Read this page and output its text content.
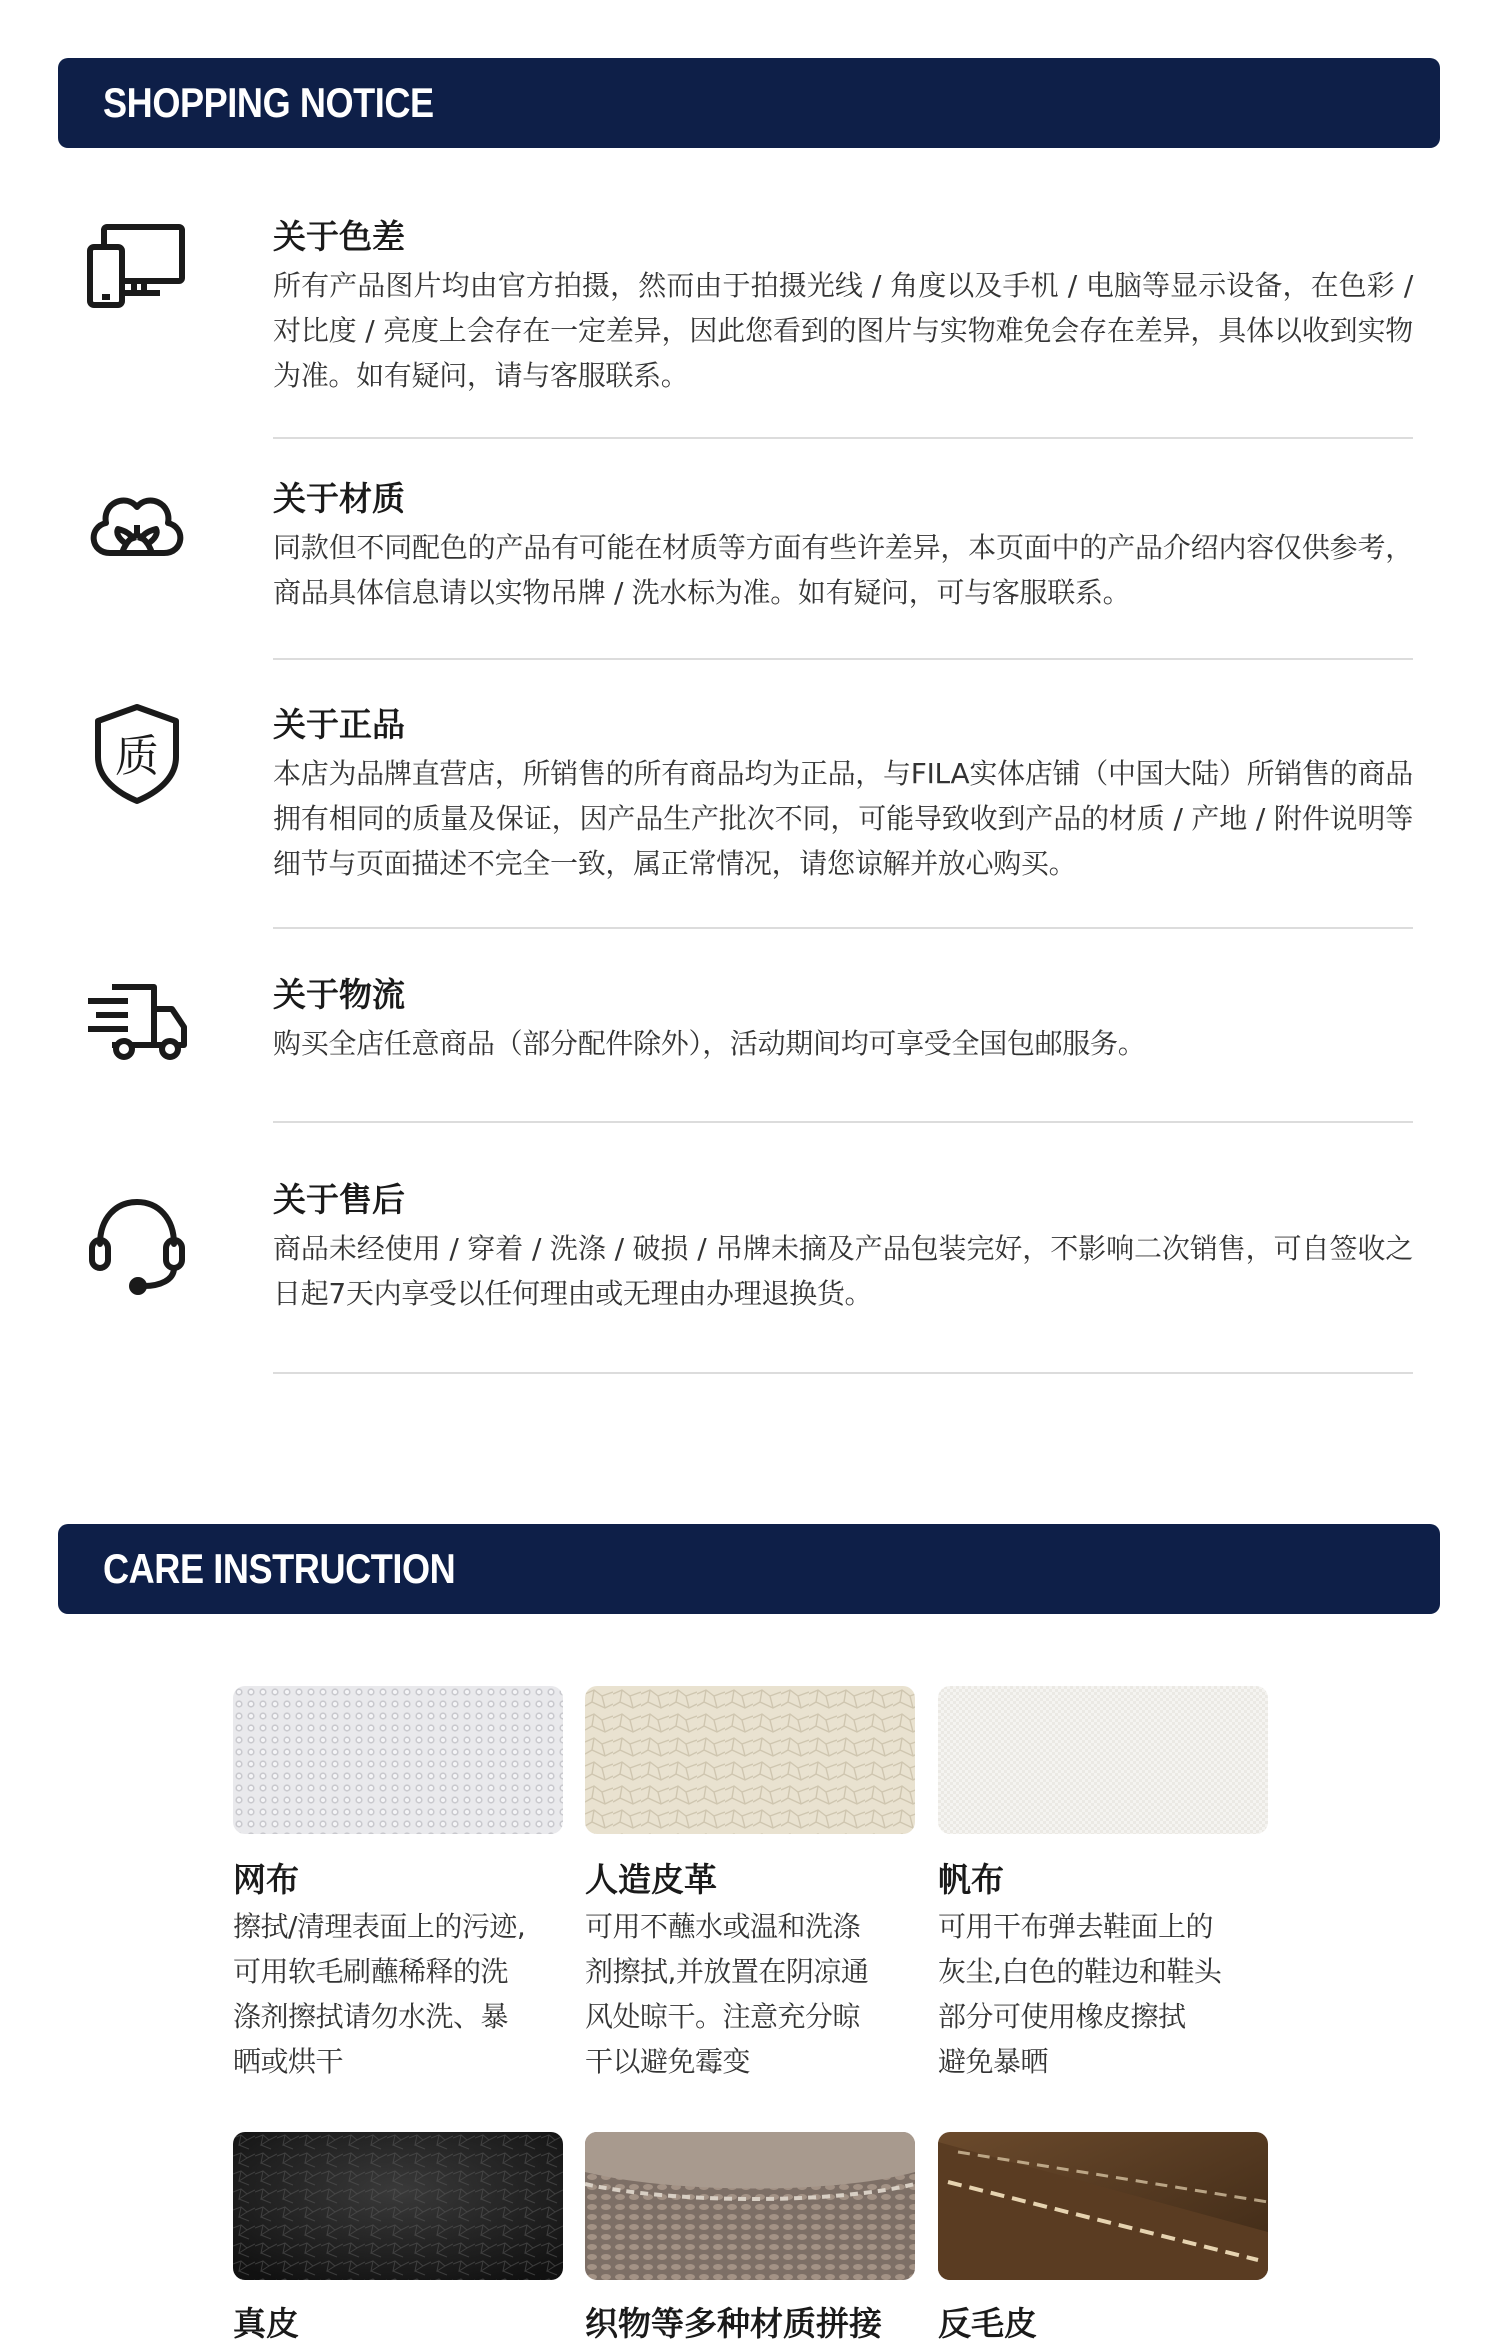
SHOPPING NOTICE
关于色差

所有产品图片均由官方拍摄，然而由于拍摄光线 / 角度以及手机 / 电脑等显示设备，在色彩 / 对比度 / 亮度上会存在一定差异，因此您看到的图片与实物难免会存在差异，具体以收到实物为准。如有疑问，请与客服联系。

关于材质

同款但不同配色的产品有可能在材质等方面有些许差异，本页面中的产品介绍内容仅供参考，商品具体信息请以实物吊牌 / 洗水标为准。如有疑问，可与客服联系。

质
关于正品

本店为品牌直营店，所销售的所有商品均为正品，与FILA实体店铺（中国大陆）所销售的商品拥有相同的质量及保证，因产品生产批次不同，可能导致收到产品的材质 / 产地 / 附件说明等细节与页面描述不完全一致，属正常情况，请您谅解并放心购买。

关于物流

购买全店任意商品（部分配件除外），活动期间均可享受全国包邮服务。

关于售后

商品未经使用 / 穿着 / 洗涤 / 破损 / 吊牌未摘及产品包装完好，不影响二次销售，可自签收之日起7天内享受以任何理由或无理由办理退换货。

CARE INSTRUCTION
网布

擦拭/清理表面上的污迹,
可用软毛刷蘸稀释的洗
涤剂擦拭请勿水洗、暴
晒或烘干

人造皮革

可用不蘸水或温和洗涤
剂擦拭,并放置在阴凉通
风处晾干。注意充分晾
干以避免霉变

帆布

可用干布弹去鞋面上的
灰尘,白色的鞋边和鞋头
部分可使用橡皮擦拭
避免暴晒

真皮	织物等多种材质拼接 反毛皮
